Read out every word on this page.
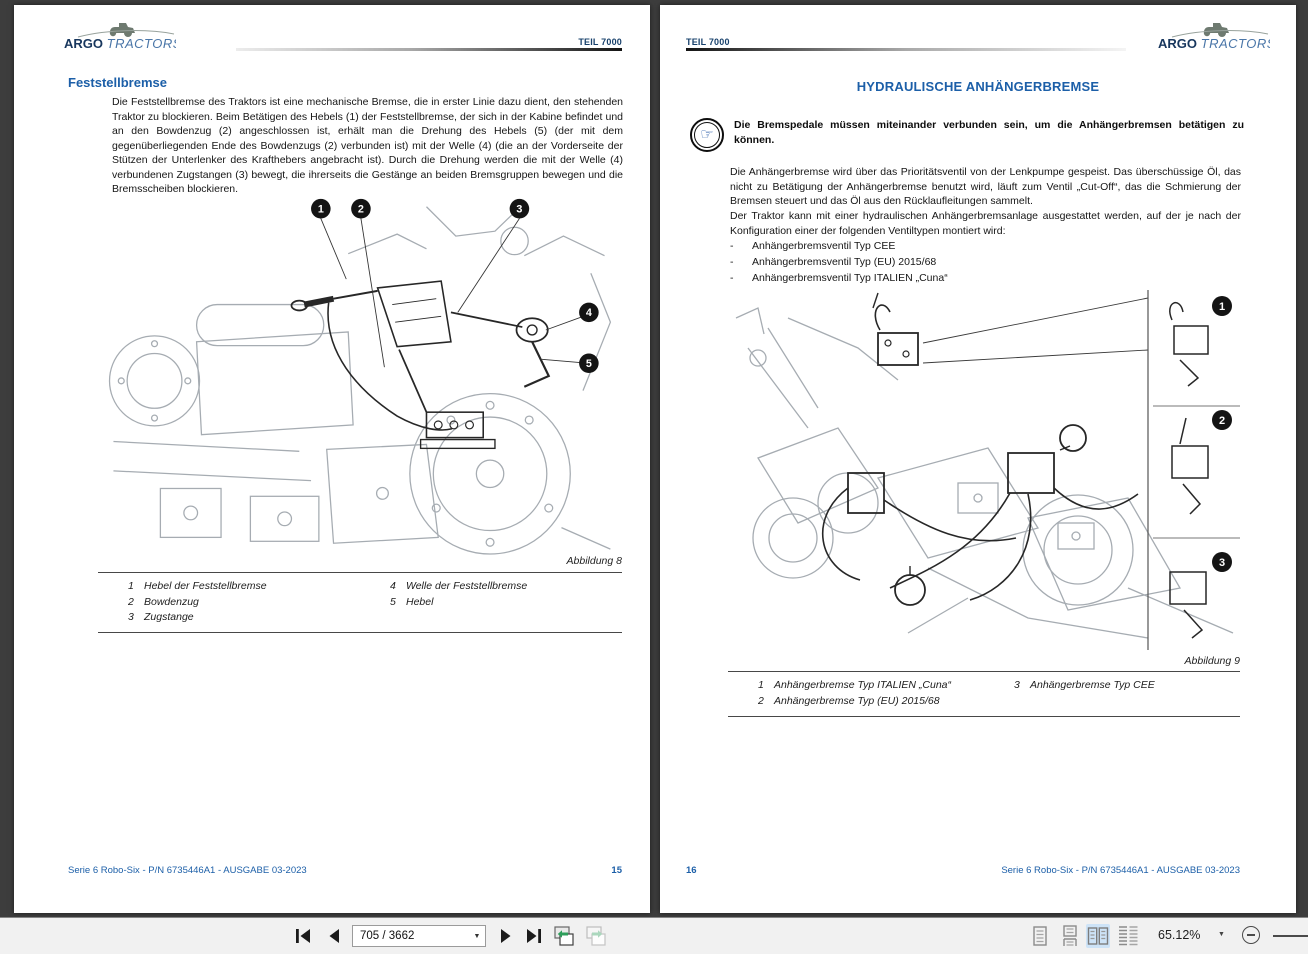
ARGO TRACTORS	TEIL 7000
Feststellbremse
Die Feststellbremse des Traktors ist eine mechanische Bremse, die in erster Linie dazu dient, den stehenden Traktor zu blockieren. Beim Betätigen des Hebels (1) der Feststellbremse, der sich in der Kabine befindet und an den Bowdenzug (2) angeschlossen ist, erhält man die Drehung des Hebels (5) (der mit dem gegenüberliegenden Ende des Bowdenzugs (2) verbunden ist) mit der Welle (4) (die an der Vorderseite der Stützen der Unterlenker des Krafthebers angebracht ist). Durch die Drehung werden die mit der Welle (4) verbundenen Zugstangen (3) bewegt, die ihrerseits die Gestänge an beiden Bremsgruppen bewegen und die Bremsscheiben blockieren.
1	2	3
4
5
Abbildung 8
1 Hebel der Feststellbremse	4 Welle der Feststellbremse
2 Bowdenzug	5 Hebel
3 Zugstange
Serie 6 Robo-Six - P/N 6735446A1 - AUSGABE 03-2023	15
TEIL 7000	ARGO TRACTORS
HYDRAULISCHE ANHÄNGERBREMSE
☞
Die Bremspedale müssen miteinander verbunden sein, um die Anhängerbremsen betätigen zu können.
Die Anhängerbremse wird über das Prioritätsventil von der Lenkpumpe gespeist. Das überschüssige Öl, das nicht zu Betätigung der Anhängerbremse benutzt wird, läuft zum Ventil „Cut-Off“, das die Schmierung der Bremsen steuert und das Öl aus den Rücklaufleitungen sammelt.
Der Traktor kann mit einer hydraulischen Anhängerbremsanlage ausgestattet werden, auf der je nach der Konfiguration einer der folgenden Ventiltypen montiert wird:
-	Anhängerbremsventil Typ CEE
-	Anhängerbremsventil Typ (EU) 2015/68
-	Anhängerbremsventil Typ ITALIEN „Cuna“
1
2
3
Abbildung 9
1 Anhängerbremse Typ ITALIEN „Cuna“	3 Anhängerbremse Typ CEE
2 Anhängerbremse Typ (EU) 2015/68
16	Serie 6 Robo-Six - P/N 6735446A1 - AUSGABE 03-2023
705 / 3662
▼	65.12%	▼
